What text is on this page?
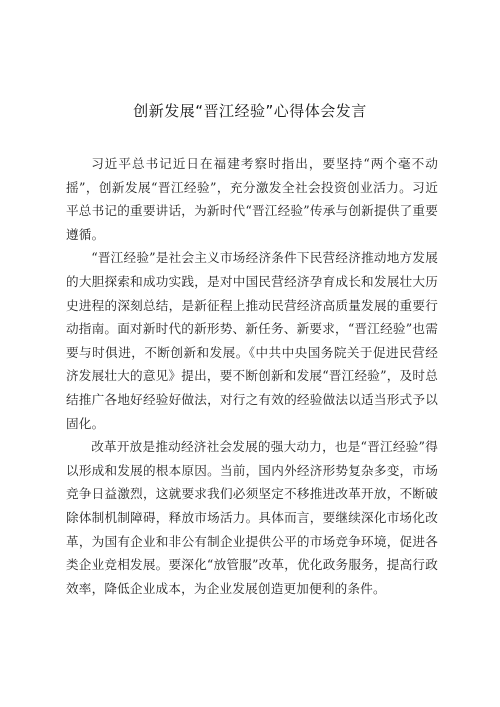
创新发展“晋江经验”心得体会发言

习近平总书记近日在福建考察时指出，要坚持“两个毫不动摇”，创新发展“晋江经验”，充分激发全社会投资创业活力。习近平总书记的重要讲话，为新时代“晋江经验”传承与创新提供了重要遵循。

“晋江经验”是社会主义市场经济条件下民营经济推动地方发展的大胆探索和成功实践，是对中国民营经济孕育成长和发展壮大历史进程的深刻总结，是新征程上推动民营经济高质量发展的重要行动指南。面对新时代的新形势、新任务、新要求，“晋江经验”也需要与时俱进，不断创新和发展。《中共中央国务院关于促进民营经济发展壮大的意见》提出，要不断创新和发展“晋江经验”，及时总结推广各地好经验好做法，对行之有效的经验做法以适当形式予以固化。

改革开放是推动经济社会发展的强大动力，也是“晋江经验”得以形成和发展的根本原因。当前，国内外经济形势复杂多变，市场竞争日益激烈，这就要求我们必须坚定不移推进改革开放，不断破除体制机制障碍，释放市场活力。具体而言，要继续深化市场化改革，为国有企业和非公有制企业提供公平的市场竞争环境，促进各类企业竞相发展。要深化“放管服”改革，优化政务服务，提高行政效率，降低企业成本，为企业发展创造更加便利的条件。
